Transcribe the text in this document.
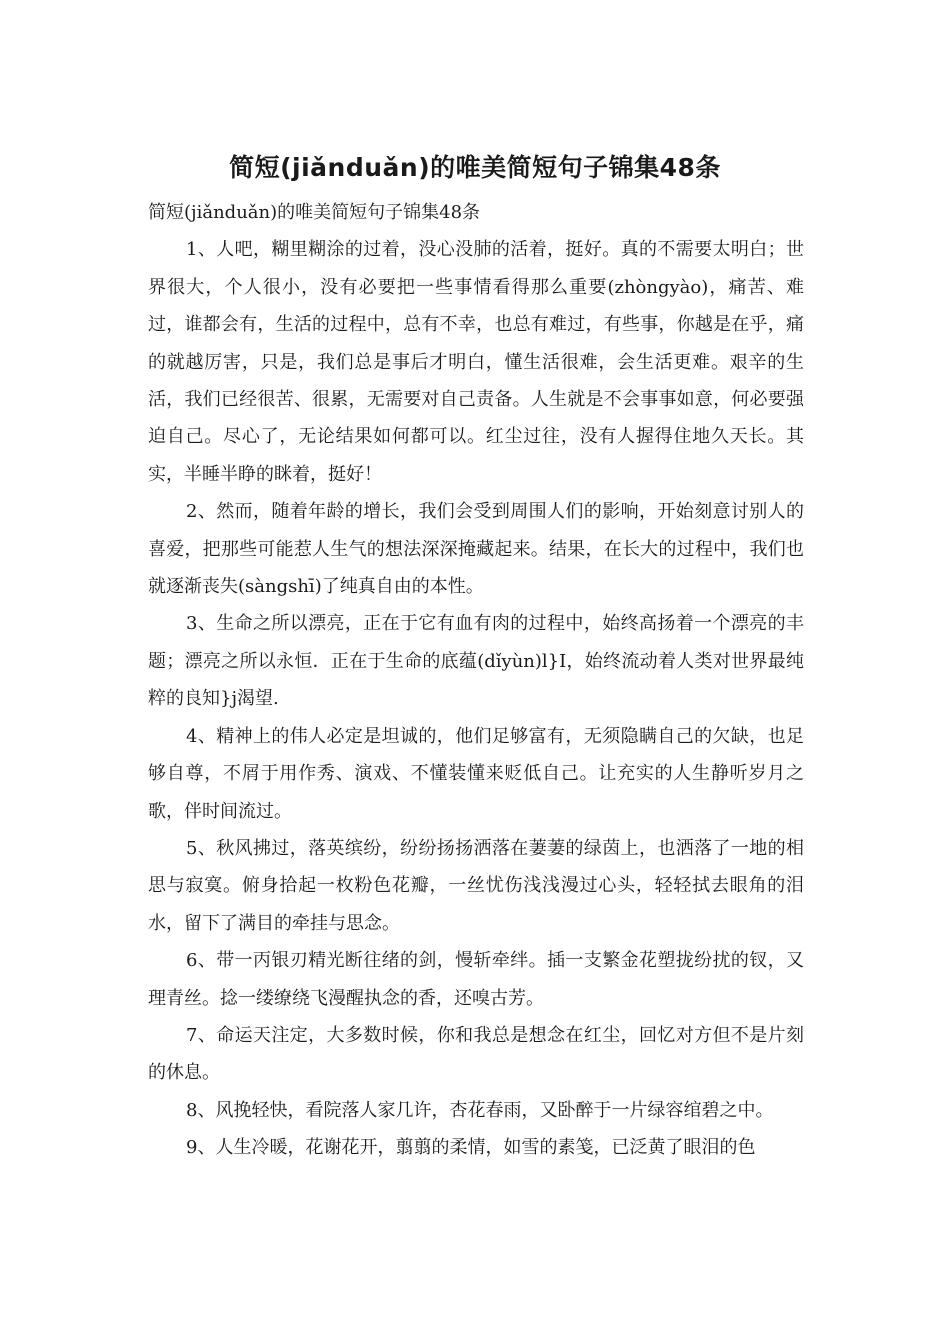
简短(jiǎnduǎn)的唯美简短句子锦集48条

简短(jiǎnduǎn)的唯美简短句子锦集48条

1、人吧，糊里糊涂的过着，没心没肺的活着，挺好。真的不需要太明白；世界很大，个人很小，没有必要把一些事情看得那么重要(zhòngyào)，痛苦、难过，谁都会有，生活的过程中，总有不幸，也总有难过，有些事，你越是在乎，痛的就越厉害，只是，我们总是事后才明白，懂生活很难，会生活更难。艰辛的生活，我们已经很苦、很累，无需要对自己责备。人生就是不会事事如意，何必要强迫自己。尽心了，无论结果如何都可以。红尘过往，没有人握得住地久天长。其实，半睡半睁的眯着，挺好！

2、然而，随着年龄的增长，我们会受到周围人们的影响，开始刻意讨别人的喜爱，把那些可能惹人生气的想法深深掩藏起来。结果，在长大的过程中，我们也就逐渐丧失(sàngshī)了纯真自由的本性。

3、生命之所以漂亮，正在于它有血有肉的过程中，始终高扬着一个漂亮的丰题；漂亮之所以永恒．正在于生命的底蕴(dǐyùn)l}I，始终流动着人类对世界最纯粹的良知}j渴望.

4、精神上的伟人必定是坦诚的，他们足够富有，无须隐瞒自己的欠缺，也足够自尊，不屑于用作秀、演戏、不懂装懂来贬低自己。让充实的人生静听岁月之歌，伴时间流过。

5、秋风拂过，落英缤纷，纷纷扬扬洒落在萋萋的绿茵上，也洒落了一地的相思与寂寞。俯身拾起一枚粉色花瓣，一丝忧伤浅浅漫过心头，轻轻拭去眼角的泪水，留下了满目的牵挂与思念。

6、带一丙银刃精光断往绪的剑，慢斩牵绊。插一支繁金花塑拢纷扰的钗，又理青丝。捻一缕缭绕飞漫醒执念的香，还嗅古芳。

7、命运天注定，大多数时候，你和我总是想念在红尘，回忆对方但不是片刻的休息。

8、风挽轻快，看院落人家几许，杏花春雨，又卧醉于一片绿容绾碧之中。

9、人生冷暖，花谢花开，翦翦的柔情，如雪的素笺，已泛黄了眼泪的色
